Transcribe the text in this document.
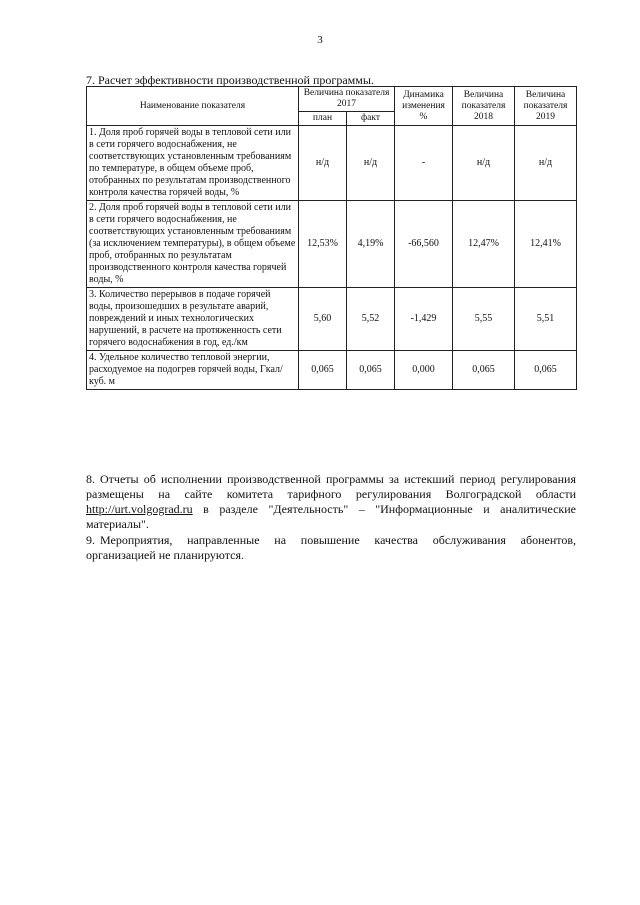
3
7. Расчет эффективности производственной программы.
Наименование показателя	Величина показателя 2017		Динамика изменения %	Величина показателя 2018	Величина показателя 2019
	план	факт			
1. Доля проб горячей воды в тепловой сети или в сети горячего водоснабжения, не соответствующих установленным требованиям по температуре, в общем объеме проб, отобранных по результатам производственного контроля качества горячей воды, %	н/д	н/д	-	н/д	н/д
2. Доля проб горячей воды в тепловой сети или в сети горячего водоснабжения, не соответствующих установленным требованиям (за исключением температуры), в общем объеме проб, отобранных по результатам производственного контроля качества горячей воды, %	12,53%	4,19%	-66,560	12,47%	12,41%
3. Количество перерывов в подаче горячей воды, произошедших в результате аварий, повреждений и иных технологических нарушений, в расчете на протяженность сети горячего водоснабжения в год, ед./км	5,60	5,52	-1,429	5,55	5,51
4. Удельное количество тепловой энергии, расходуемое на подогрев горячей воды, Гкал/куб. м	0,065	0,065	0,000	0,065	0,065
8. Отчеты об исполнении производственной программы за истекший период регулирования размещены на сайте комитета тарифного регулирования Волгоградской области http://urt.volgograd.ru в разделе "Деятельность" – "Информационные и аналитические материалы".
9. Мероприятия, направленные на повышение качества обслуживания абонентов, организацией не планируются.
